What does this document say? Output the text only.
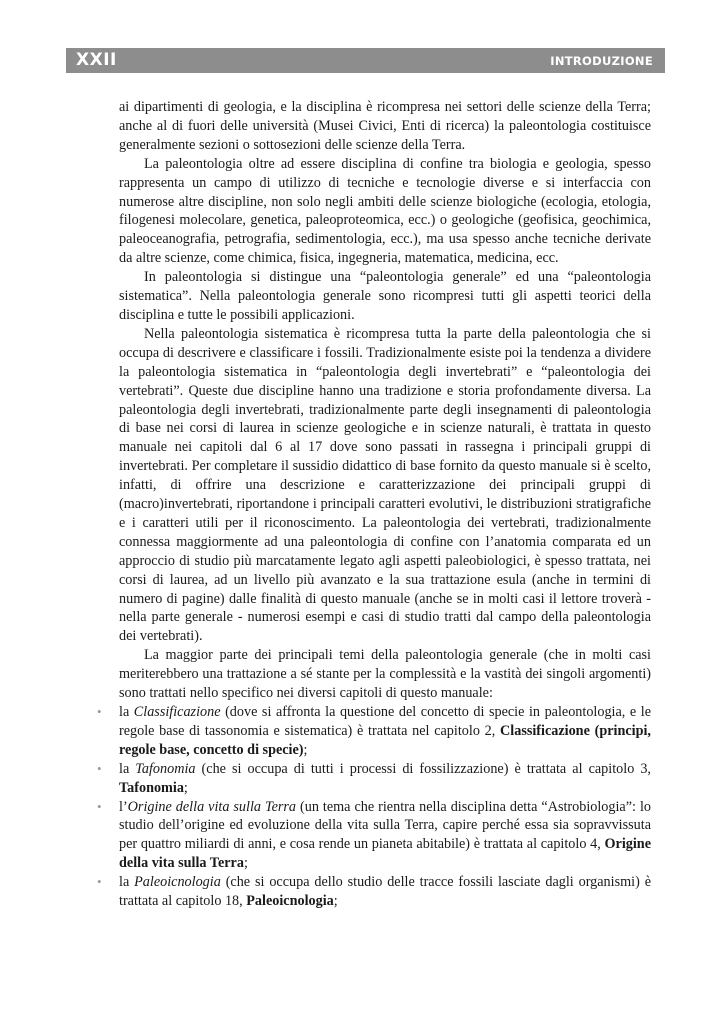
XXII	INTRODUZIONE

ai dipartimenti di geologia, e la disciplina è ricompresa nei settori delle scienze della Terra; anche al di fuori delle università (Musei Civici, Enti di ricerca) la paleontologia costituisce generalmente sezioni o sottosezioni delle scienze della Terra.

La paleontologia oltre ad essere disciplina di confine tra biologia e geologia, spesso rappresenta un campo di utilizzo di tecniche e tecnologie diverse e si interfaccia con numerose altre discipline, non solo negli ambiti delle scienze biologiche (ecologia, etologia, filogenesi molecolare, genetica, paleoproteomica, ecc.) o geologiche (geofisica, geochimica, paleoceanografia, petrografia, sedimentologia, ecc.), ma usa spesso anche tecniche derivate da altre scienze, come chimica, fisica, ingegneria, matematica, medicina, ecc.

In paleontologia si distingue una “paleontologia generale” ed una “paleontologia sistematica”. Nella paleontologia generale sono ricompresi tutti gli aspetti teorici della disciplina e tutte le possibili applicazioni.

Nella paleontologia sistematica è ricompresa tutta la parte della paleontologia che si occupa di descrivere e classificare i fossili. Tradizionalmente esiste poi la tendenza a dividere la paleontologia sistematica in “paleontologia degli invertebrati” e “paleontologia dei vertebrati”. Queste due discipline hanno una tradizione e storia profondamente diversa. La paleontologia degli invertebrati, tradizionalmente parte degli insegnamenti di paleontologia di base nei corsi di laurea in scienze geologiche e in scienze naturali, è trattata in questo manuale nei capitoli dal 6 al 17 dove sono passati in rassegna i principali gruppi di invertebrati. Per completare il sussidio didattico di base fornito da questo manuale si è scelto, infatti, di offrire una descrizione e caratterizzazione dei principali gruppi di (macro)invertebrati, riportandone i principali caratteri evolutivi, le distribuzioni stratigrafiche e i caratteri utili per il riconoscimento. La paleontologia dei vertebrati, tradizionalmente connessa maggiormente ad una paleontologia di confine con l’anatomia comparata ed un approccio di studio più marcatamente legato agli aspetti paleobiologici, è spesso trattata, nei corsi di laurea, ad un livello più avanzato e la sua trattazione esula (anche in termini di numero di pagine) dalle finalità di questo manuale (anche se in molti casi il lettore troverà - nella parte generale - numerosi esempi e casi di studio tratti dal campo della paleontologia dei vertebrati).

La maggior parte dei principali temi della paleontologia generale (che in molti casi meriterebbero una trattazione a sé stante per la complessità e la vastità dei singoli argomenti) sono trattati nello specifico nei diversi capitoli di questo manuale:

• la Classificazione (dove si affronta la questione del concetto di specie in paleontologia, e le regole base di tassonomia e sistematica) è trattata nel capitolo 2, Classificazione (principi, regole base, concetto di specie);
• la Tafonomia (che si occupa di tutti i processi di fossilizzazione) è trattata al capitolo 3, Tafonomia;
• l’Origine della vita sulla Terra (un tema che rientra nella disciplina detta “Astrobiologia”: lo studio dell’origine ed evoluzione della vita sulla Terra, capire perché essa sia sopravvissuta per quattro miliardi di anni, e cosa rende un pianeta abitabile) è trattata al capitolo 4, Origine della vita sulla Terra;
• la Paleoicnologia (che si occupa dello studio delle tracce fossili lasciate dagli organismi) è trattata al capitolo 18, Paleoicnologia;
